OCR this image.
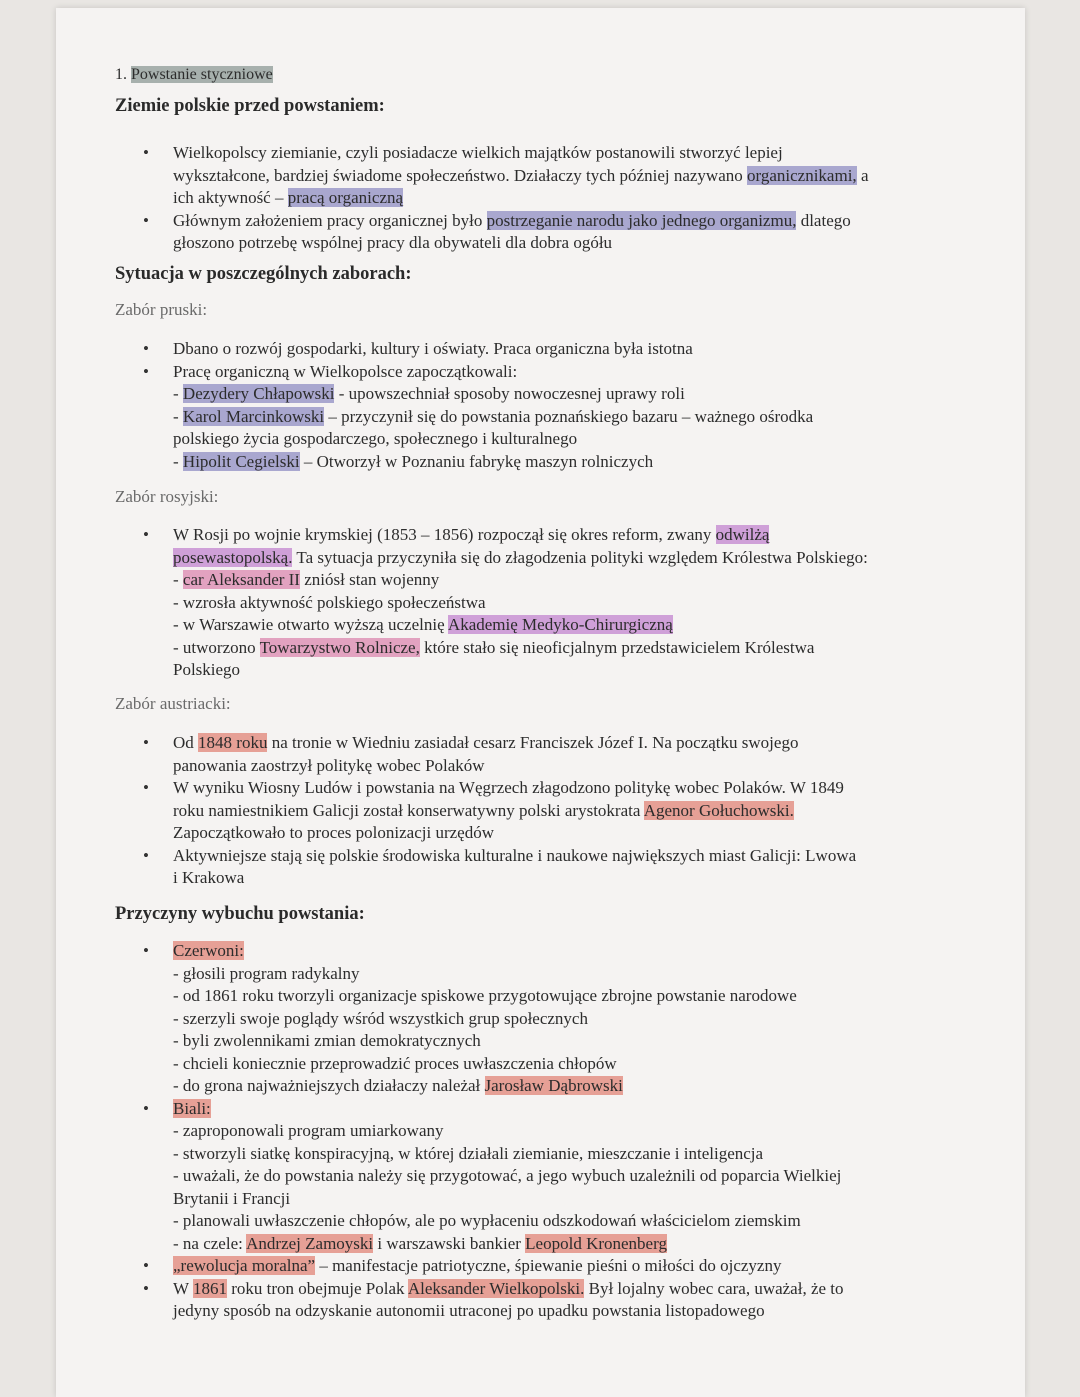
1. Powstanie styczniowe
Ziemie polskie przed powstaniem:
• Wielkopolscy ziemianie, czyli posiadacze wielkich majątków postanowili stworzyć lepiej
wykształcone, bardziej świadome społeczeństwo. Działaczy tych później nazywano organicznikami, a
ich aktywność – pracą organiczną
• Głównym założeniem pracy organicznej było postrzeganie narodu jako jednego organizmu, dlatego
głoszono potrzebę wspólnej pracy dla obywateli dla dobra ogółu
Sytuacja w poszczególnych zaborach:
Zabór pruski:
• Dbano o rozwój gospodarki, kultury i oświaty. Praca organiczna była istotna
• Pracę organiczną w Wielkopolsce zapoczątkowali:
- Dezydery Chłapowski - upowszechniał sposoby nowoczesnej uprawy roli
- Karol Marcinkowski – przyczynił się do powstania poznańskiego bazaru – ważnego ośrodka
polskiego życia gospodarczego, społecznego i kulturalnego
- Hipolit Cegielski – Otworzył w Poznaniu fabrykę maszyn rolniczych
Zabór rosyjski:
• W Rosji po wojnie krymskiej (1853 – 1856) rozpoczął się okres reform, zwany odwilżą
posewastopolską. Ta sytuacja przyczyniła się do złagodzenia polityki względem Królestwa Polskiego:
- car Aleksander II zniósł stan wojenny
- wzrosła aktywność polskiego społeczeństwa
- w Warszawie otwarto wyższą uczelnię Akademię Medyko-Chirurgiczną
- utworzono Towarzystwo Rolnicze, które stało się nieoficjalnym przedstawicielem Królestwa
Polskiego
Zabór austriacki:
• Od 1848 roku na tronie w Wiedniu zasiadał cesarz Franciszek Józef I. Na początku swojego
panowania zaostrzył politykę wobec Polaków
• W wyniku Wiosny Ludów i powstania na Węgrzech złagodzono politykę wobec Polaków. W 1849
roku namiestnikiem Galicji został konserwatywny polski arystokrata Agenor Gołuchowski.
Zapoczątkowało to proces polonizacji urzędów
• Aktywniejsze stają się polskie środowiska kulturalne i naukowe największych miast Galicji: Lwowa
i Krakowa
Przyczyny wybuchu powstania:
• Czerwoni:
- głosili program radykalny
- od 1861 roku tworzyli organizacje spiskowe przygotowujące zbrojne powstanie narodowe
- szerzyli swoje poglądy wśród wszystkich grup społecznych
- byli zwolennikami zmian demokratycznych
- chcieli koniecznie przeprowadzić proces uwłaszczenia chłopów
- do grona najważniejszych działaczy należał Jarosław Dąbrowski
• Biali:
- zaproponowali program umiarkowany
- stworzyli siatkę konspiracyjną, w której działali ziemianie, mieszczanie i inteligencja
- uważali, że do powstania należy się przygotować, a jego wybuch uzależnili od poparcia Wielkiej
Brytanii i Francji
- planowali uwłaszczenie chłopów, ale po wypłaceniu odszkodowań właścicielom ziemskim
- na czele: Andrzej Zamoyski i warszawski bankier Leopold Kronenberg
• „rewolucja moralna” – manifestacje patriotyczne, śpiewanie pieśni o miłości do ojczyzny
• W 1861 roku tron obejmuje Polak Aleksander Wielkopolski. Był lojalny wobec cara, uważał, że to
jedyny sposób na odzyskanie autonomii utraconej po upadku powstania listopadowego
